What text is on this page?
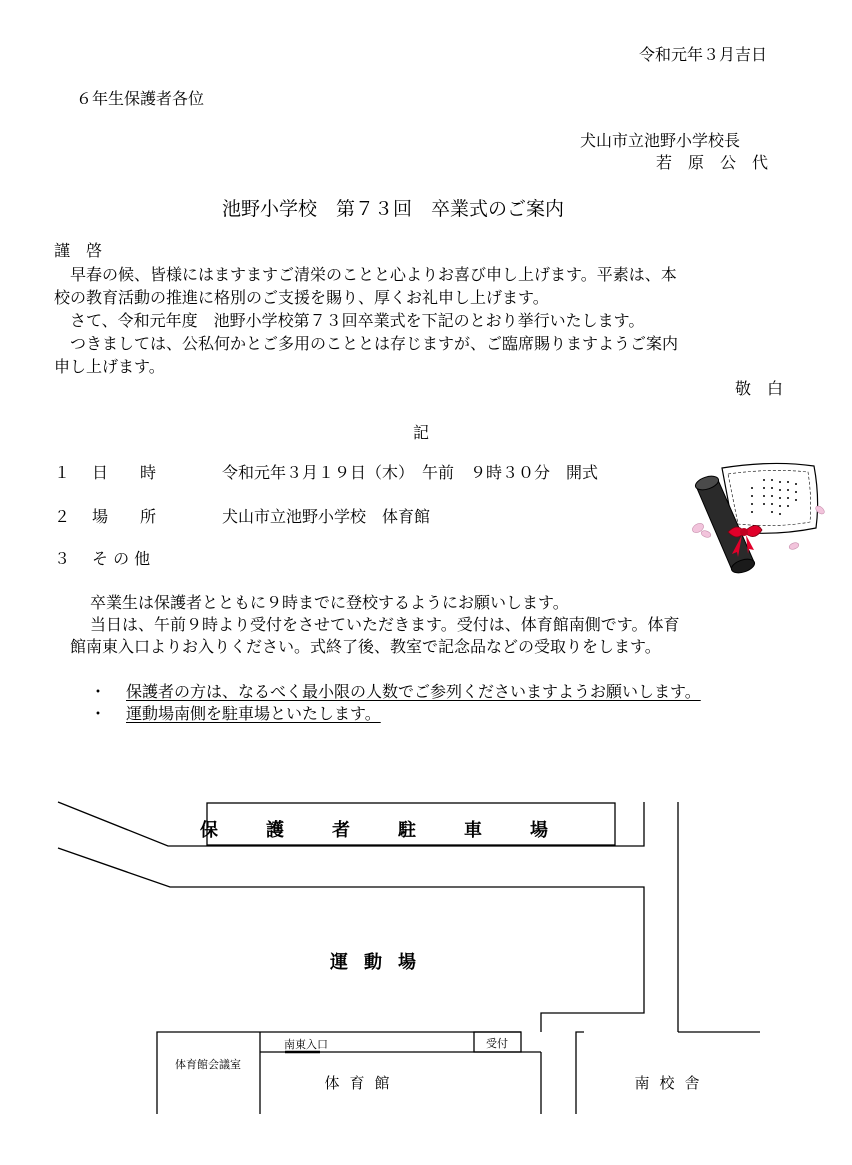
令和元年３月吉日
６年生保護者各位
犬山市立池野小学校長
若　原　公　代
池野小学校　第７３回　卒業式のご案内
謹　啓
早春の候、皆様にはますますご清栄のことと心よりお喜び申し上げます。平素は、本
校の教育活動の推進に格別のご支援を賜り、厚くお礼申し上げます。
さて、令和元年度　池野小学校第７３回卒業式を下記のとおり挙行いたします。
つきましては、公私何かとご多用のこととは存じますが、ご臨席賜りますようご案内
申し上げます。
敬　白
記
１ 日　　時	令和元年３月１９日（木）　午前　９時３０分　開式
２ 場　　所	犬山市立池野小学校　体育館
３ そ の 他
卒業生は保護者とともに９時までに登校するようにお願いします。
当日は、午前９時より受付をさせていただきます。受付は、体育館南側です。体育
館南東入口よりお入りください。式終了後、教室で記念品などの受取りをします。
・ 保護者の方は、なるべく最小限の人数でご参列くださいますようお願いします。
・ 運動場南側を駐車場といたします。
保護者駐車場
運動場
体育館会議室
南東入口	受付
体育館	南校舎
